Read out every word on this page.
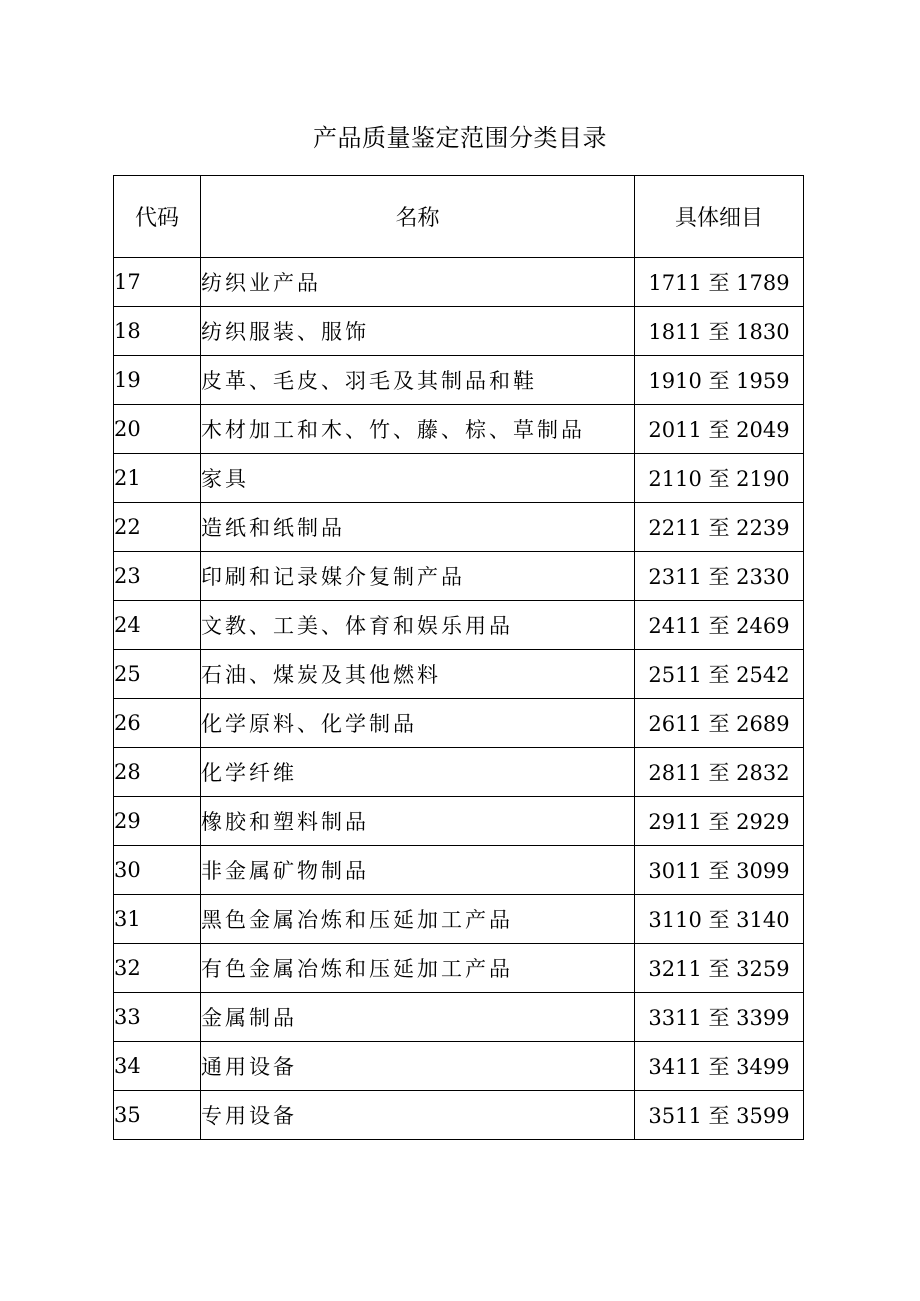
产品质量鉴定范围分类目录
代码	名称	具体细目
17	纺织业产品	1711 至 1789
18	纺织服装、服饰	1811 至 1830
19	皮革、毛皮、羽毛及其制品和鞋	1910 至 1959
20	木材加工和木、竹、藤、棕、草制品	2011 至 2049
21	家具	2110 至 2190
22	造纸和纸制品	2211 至 2239
23	印刷和记录媒介复制产品	2311 至 2330
24	文教、工美、体育和娱乐用品	2411 至 2469
25	石油、煤炭及其他燃料	2511 至 2542
26	化学原料、化学制品	2611 至 2689
28	化学纤维	2811 至 2832
29	橡胶和塑料制品	2911 至 2929
30	非金属矿物制品	3011 至 3099
31	黑色金属冶炼和压延加工产品	3110 至 3140
32	有色金属冶炼和压延加工产品	3211 至 3259
33	金属制品	3311 至 3399
34	通用设备	3411 至 3499
35	专用设备	3511 至 3599
